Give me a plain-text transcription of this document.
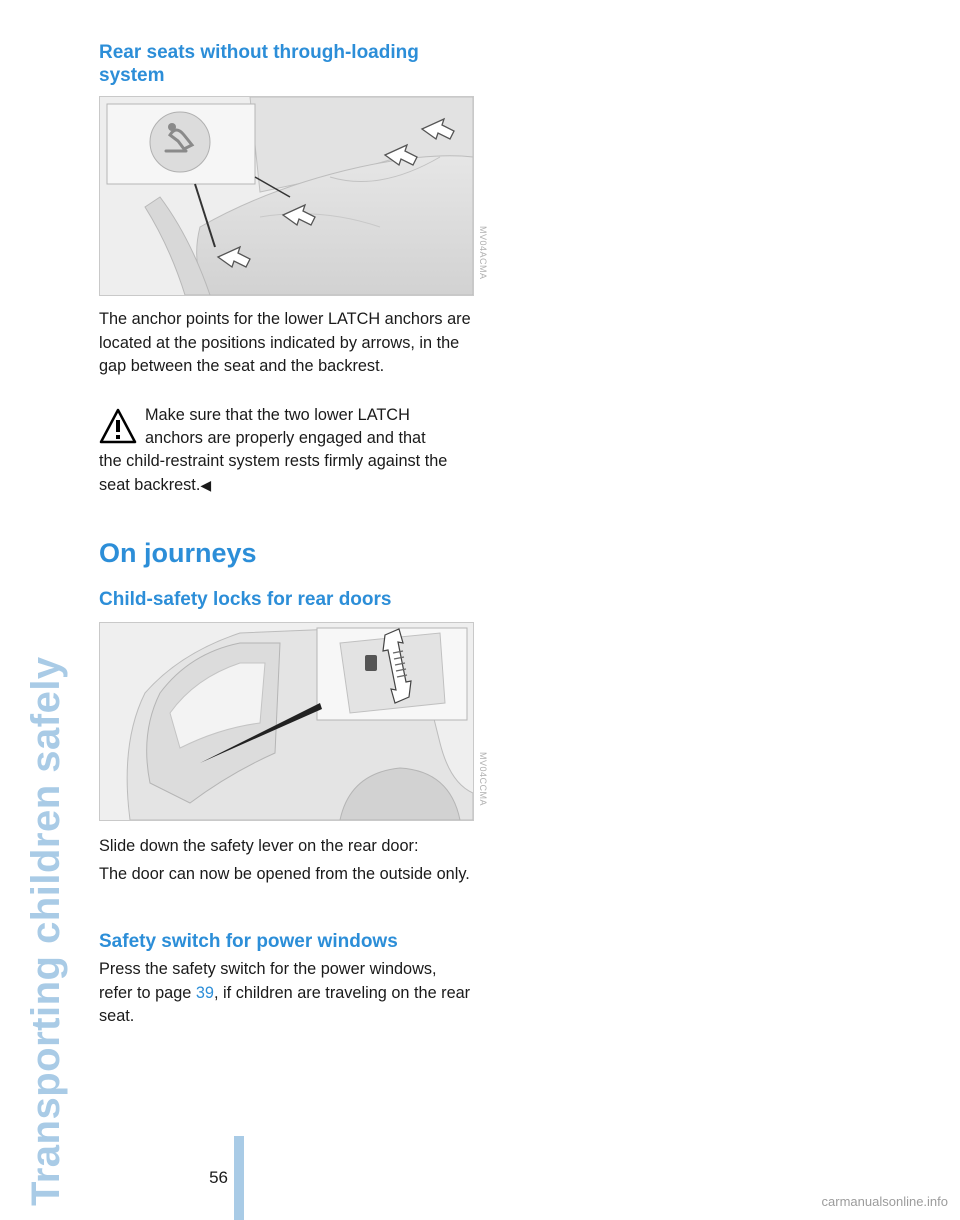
Transporting children safely
Rear seats without through-loading system
MV04ACMA

The anchor points for the lower LATCH anchors are located at the positions indicated by arrows, in the gap between the seat and the backrest.

Make sure that the two lower LATCH
anchors are properly engaged and that
the child-restraint system rests firmly against the seat backrest.◀
On journeys
Child-safety locks for rear doors
MV04CCMA
Slide down the safety lever on the rear door:
The door can now be opened from the outside only.
Safety switch for power windows
Press the safety switch for the power windows, refer to page 39, if children are traveling on the rear seat.
56
carmanualsonline.info
